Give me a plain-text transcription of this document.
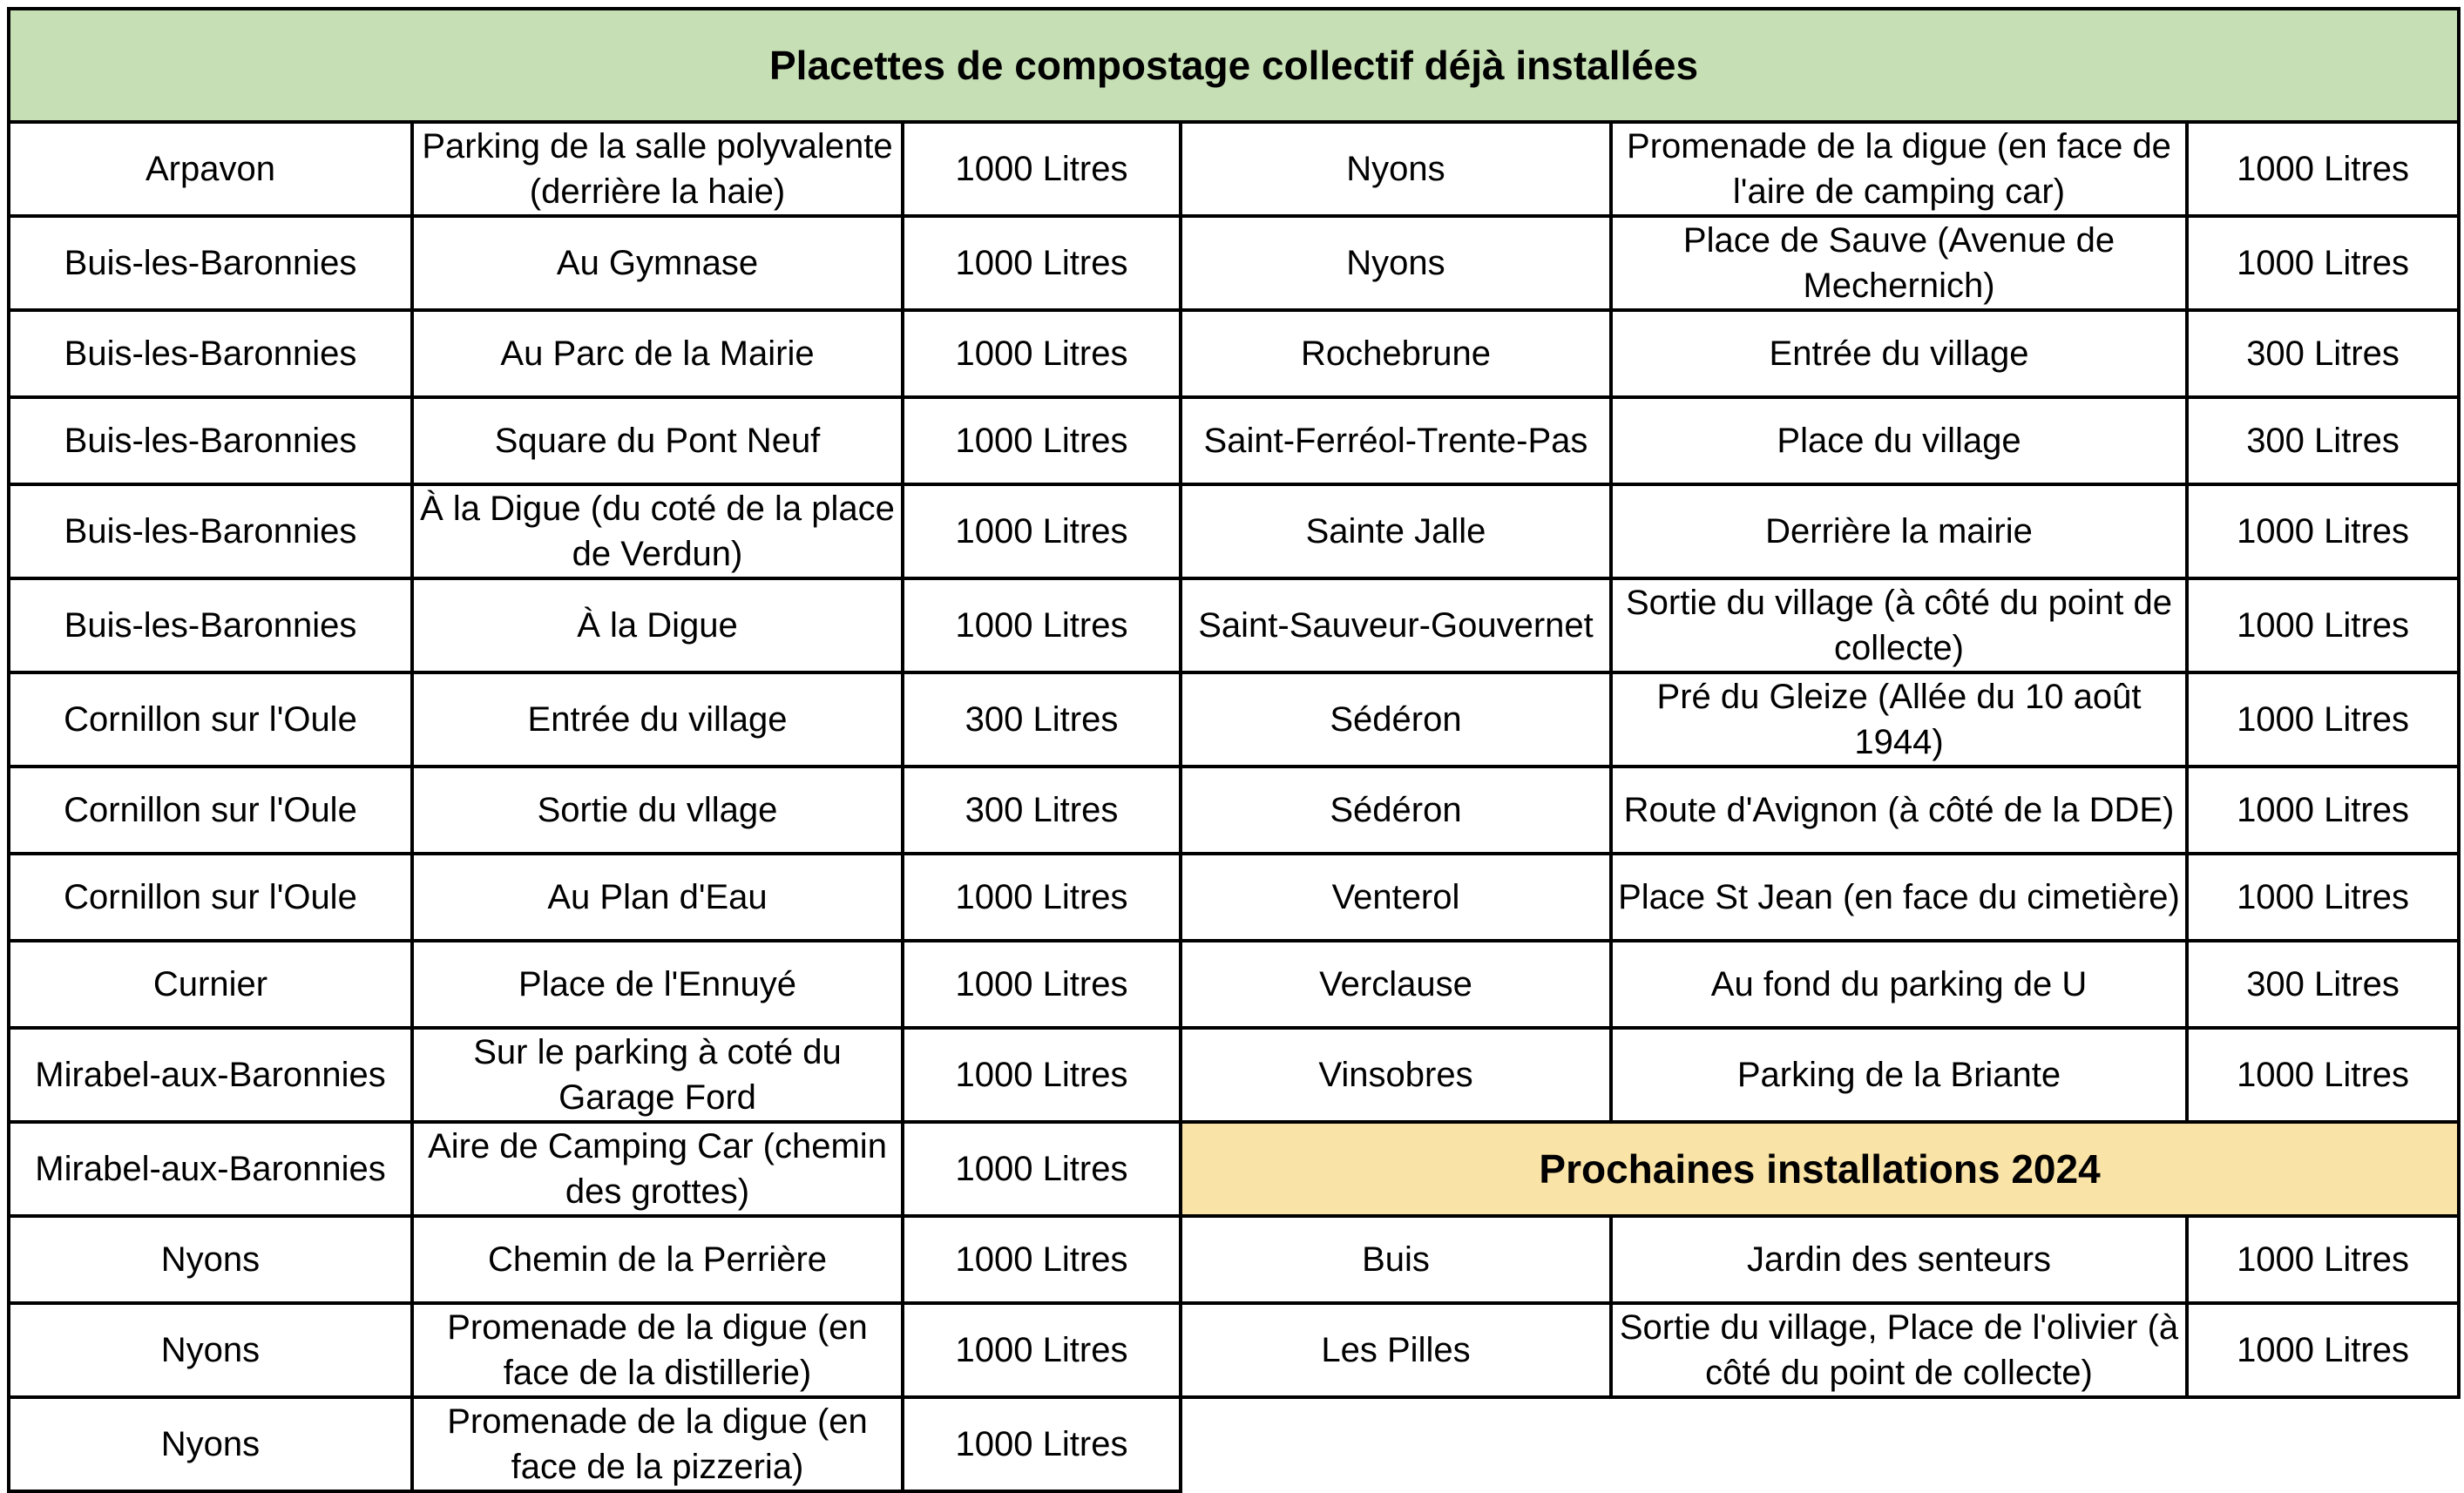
Placettes de compostage collectif déjà installées					
Arpavon	Parking de la salle polyvalente (derrière la haie)	1000 Litres	Nyons	Promenade de la digue (en face de l'aire de camping car)	1000 Litres
Buis-les-Baronnies	Au Gymnase	1000 Litres	Nyons	Place de Sauve (Avenue de Mechernich)	1000 Litres
Buis-les-Baronnies	Au Parc de la Mairie	1000 Litres	Rochebrune	Entrée du village	300 Litres
Buis-les-Baronnies	Square du Pont Neuf	1000 Litres	Saint-Ferréol-Trente-Pas	Place du village	300 Litres
Buis-les-Baronnies	À la Digue (du coté de la place de Verdun)	1000 Litres	Sainte Jalle	Derrière la mairie	1000 Litres
Buis-les-Baronnies	À la Digue	1000 Litres	Saint-Sauveur-Gouvernet	Sortie du village (à côté du point de collecte)	1000 Litres
Cornillon sur l'Oule	Entrée du village	300 Litres	Sédéron	Pré du Gleize (Allée du 10 août 1944)	1000 Litres
Cornillon sur l'Oule	Sortie du vllage	300 Litres	Sédéron	Route d'Avignon (à côté de la DDE)	1000 Litres
Cornillon sur l'Oule	Au Plan d'Eau	1000 Litres	Venterol	Place St Jean (en face du cimetière)	1000 Litres
Curnier	Place de l'Ennuyé	1000 Litres	Verclause	Au fond du parking de U	300 Litres
Mirabel-aux-Baronnies	Sur le parking à coté du Garage Ford	1000 Litres	Vinsobres	Parking de la Briante	1000 Litres
Mirabel-aux-Baronnies	Aire de Camping Car (chemin des grottes)	1000 Litres	Prochaines installations 2024		
Nyons	Chemin de la Perrière	1000 Litres	Buis	Jardin des senteurs	1000 Litres
Nyons	Promenade de la digue (en face de la distillerie)	1000 Litres	Les Pilles	Sortie du village, Place de l'olivier (à côté du point de collecte)	1000 Litres
Nyons	Promenade de la digue (en face de la pizzeria)	1000 Litres			
